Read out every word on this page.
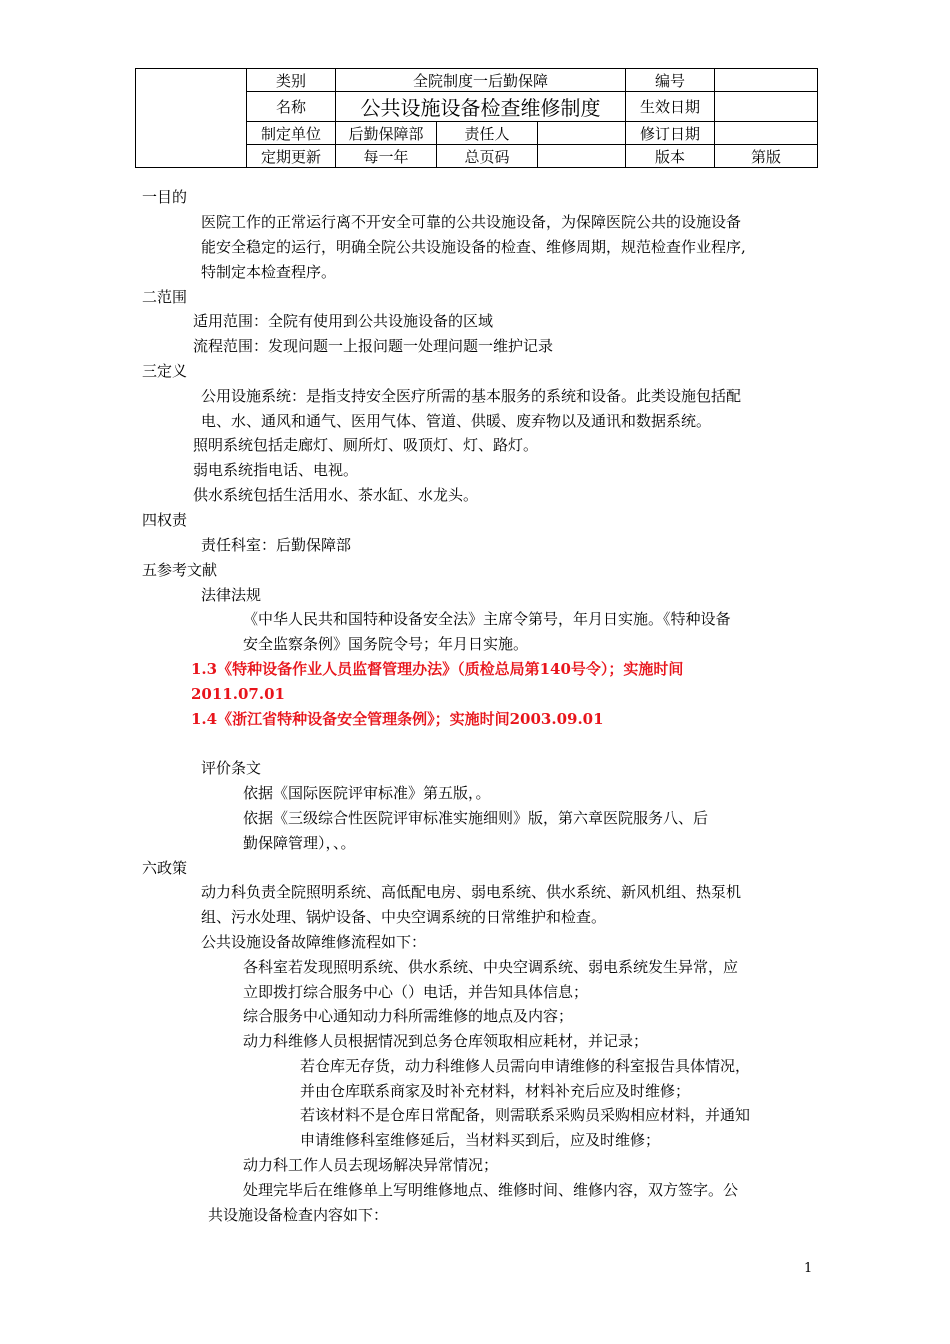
	类别	全院制度一后勤保障			编号	
	名称	公共设施设备检查维修制度			生效日期	
	制定单位	后勤保障部	责任人		修订日期	
	定期更新	每一年	总页码		版本	第版
一目的
医院工作的正常运行离不开安全可靠的公共设施设备，为保障医院公共的设施设备
能安全稳定的运行，明确全院公共设施设备的检查、维修周期，规范检查作业程序,
特制定本检查程序。
二范围
适用范围：全院有使用到公共设施设备的区域
流程范围：发现问题一上报问题一处理问题一维护记录
三定义
公用设施系统：是指支持安全医疗所需的基本服务的系统和设备。此类设施包括配
电、水、通风和通气、医用气体、管道、供暖、废弃物以及通讯和数据系统。
照明系统包括走廊灯、厕所灯、吸顶灯、灯、路灯。
弱电系统指电话、电视。
供水系统包括生活用水、茶水缸、水龙头。
四权责
责任科室：后勤保障部
五参考文献
法律法规
《中华人民共和国特种设备安全法》主席令第号，年月日实施。《特种设备
安全监察条例》国务院令号；年月日实施。
1.3《特种设备作业人员监督管理办法》（质检总局第140号令）；实施时间
2011.07.01
1.4《浙江省特种设备安全管理条例》；实施时间2003.09.01
评价条文
依据《国际医院评审标准》第五版，。
依据《三级综合性医院评审标准实施细则》版，第六章医院服务八、后
勤保障管理），、。
六政策
动力科负责全院照明系统、高低配电房、弱电系统、供水系统、新风机组、热泵机
组、污水处理、锅炉设备、中央空调系统的日常维护和检查。
公共设施设备故障维修流程如下：
各科室若发现照明系统、供水系统、中央空调系统、弱电系统发生异常，应
立即拨打综合服务中心（）电话，并告知具体信息；
综合服务中心通知动力科所需维修的地点及内容；
动力科维修人员根据情况到总务仓库领取相应耗材，并记录；
若仓库无存货，动力科维修人员需向申请维修的科室报告具体情况，
并由仓库联系商家及时补充材料，材料补充后应及时维修；
若该材料不是仓库日常配备，则需联系采购员采购相应材料，并通知
申请维修科室维修延后，当材料买到后，应及时维修；
动力科工作人员去现场解决异常情况；
处理完毕后在维修单上写明维修地点、维修时间、维修内容，双方签字。公
共设施设备检查内容如下：
1
